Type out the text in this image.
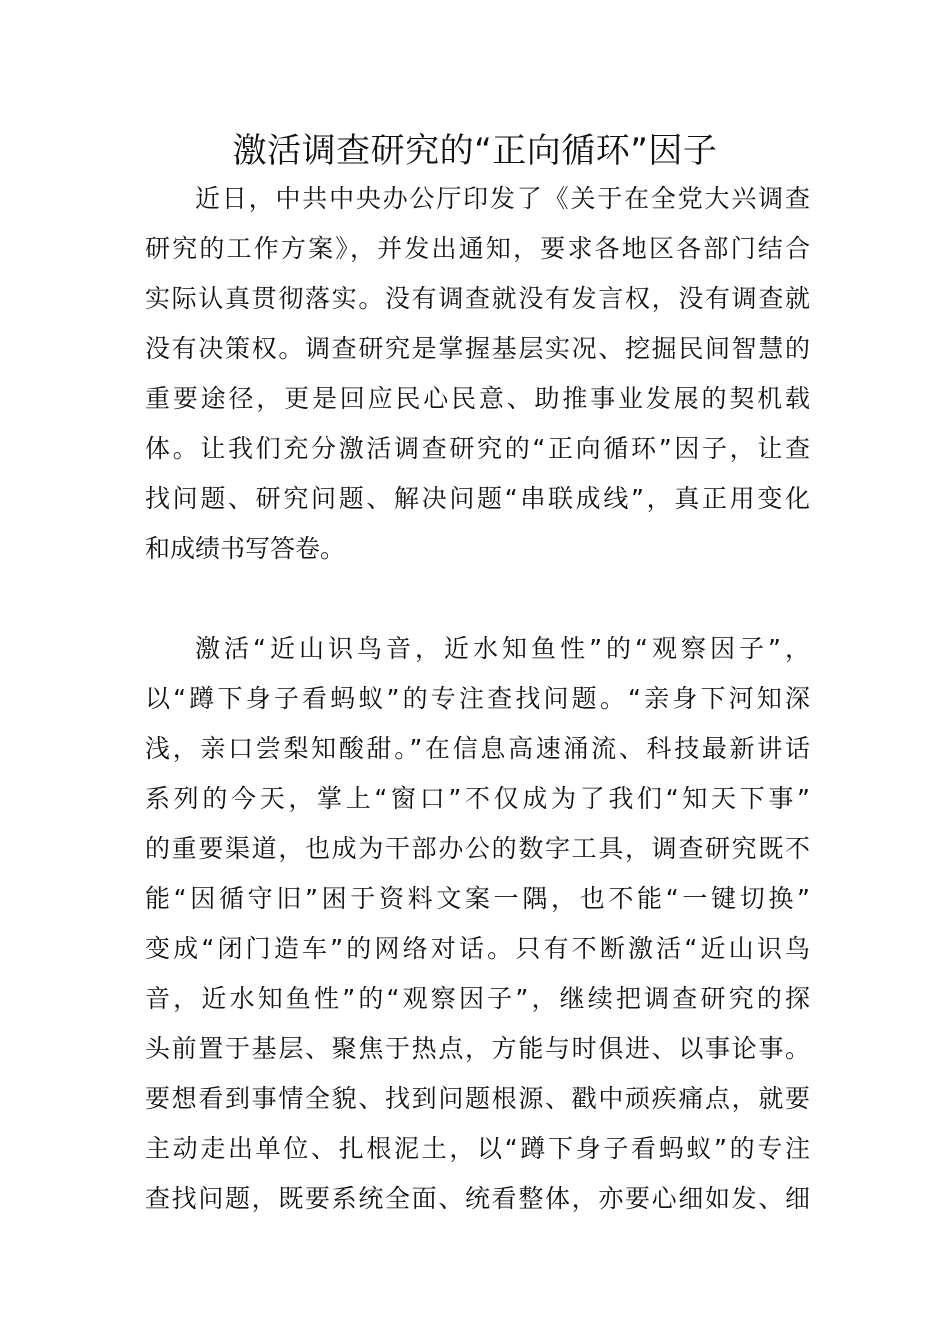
激活调查研究的“正向循环”因子
近日，中共中央办公厅印发了《关于在全党大兴调查
研究的工作方案》，并发出通知，要求各地区各部门结合
实际认真贯彻落实。没有调查就没有发言权，没有调查就
没有决策权。调查研究是掌握基层实况、挖掘民间智慧的
重要途径，更是回应民心民意、助推事业发展的契机载
体。让我们充分激活调查研究的“正向循环”因子，让查
找问题、研究问题、解决问题“串联成线”，真正用变化
和成绩书写答卷。
激活“近山识鸟音，近水知鱼性”的“观察因子”，
以“蹲下身子看蚂蚁”的专注查找问题。“亲身下河知深
浅，亲口尝梨知酸甜。”在信息高速涌流、科技最新讲话
系列的今天，掌上“窗口”不仅成为了我们“知天下事”
的重要渠道，也成为干部办公的数字工具，调查研究既不
能“因循守旧”困于资料文案一隅，也不能“一键切换”
变成“闭门造车”的网络对话。只有不断激活“近山识鸟
音，近水知鱼性”的“观察因子”，继续把调查研究的探
头前置于基层、聚焦于热点，方能与时俱进、以事论事。
要想看到事情全貌、找到问题根源、戳中顽疾痛点，就要
主动走出单位、扎根泥土，以“蹲下身子看蚂蚁”的专注
查找问题，既要系统全面、统看整体，亦要心细如发、细
